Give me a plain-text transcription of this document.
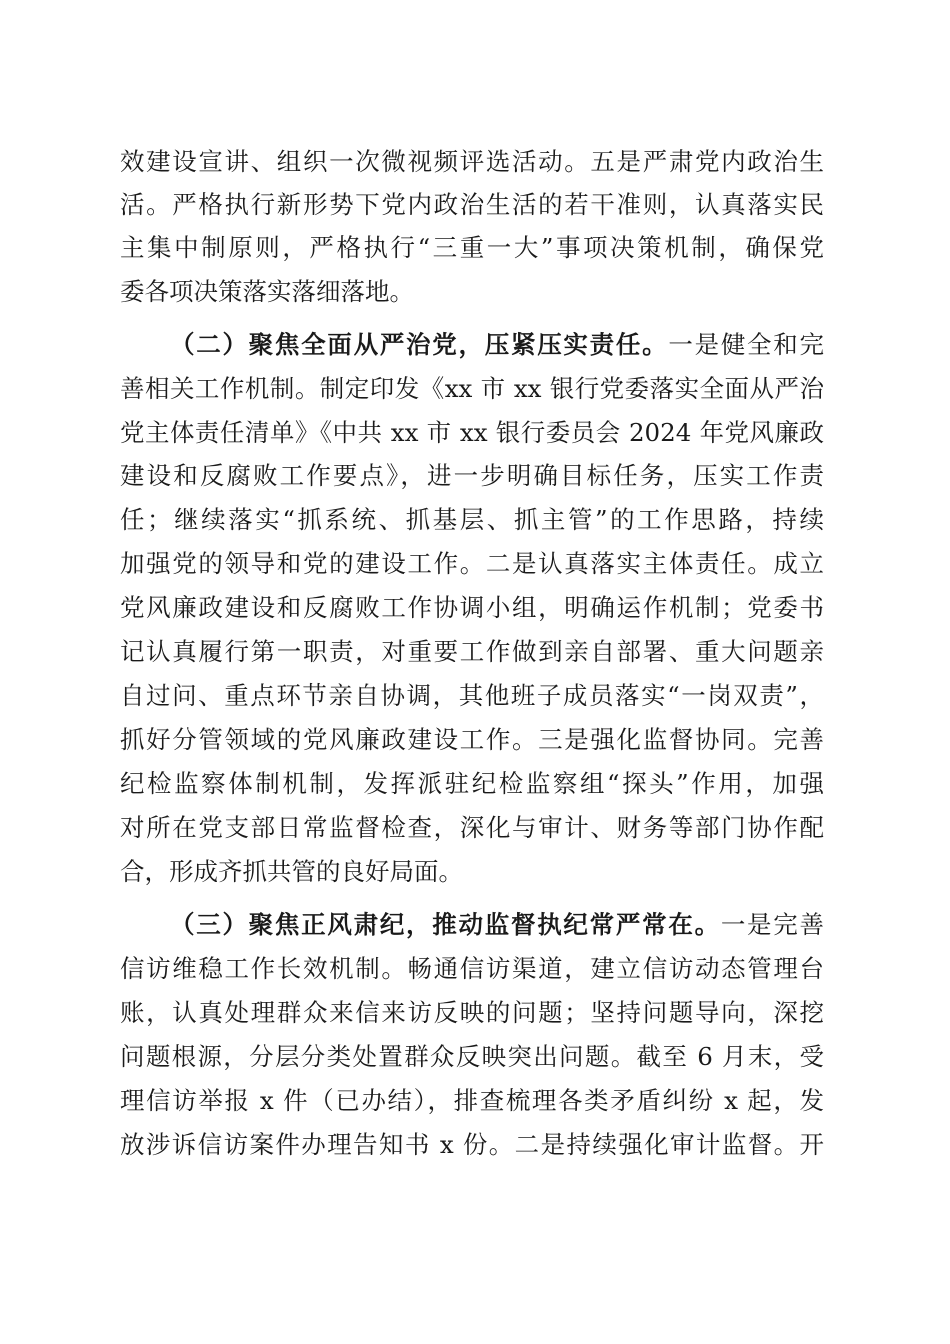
效建设宣讲、组织一次微视频评选活动。五是严肃党内政治生
活。严格执行新形势下党内政治生活的若干准则，认真落实民
主集中制原则，严格执行“三重一大”事项决策机制，确保党
委各项决策落实落细落地。
（二）聚焦全面从严治党，压紧压实责任。一是健全和完
善相关工作机制。制定印发《xx 市 xx 银行党委落实全面从严治
党主体责任清单》《中共 xx 市 xx 银行委员会 2024 年党风廉政
建设和反腐败工作要点》，进一步明确目标任务，压实工作责
任；继续落实“抓系统、抓基层、抓主管”的工作思路，持续
加强党的领导和党的建设工作。二是认真落实主体责任。成立
党风廉政建设和反腐败工作协调小组，明确运作机制；党委书
记认真履行第一职责，对重要工作做到亲自部署、重大问题亲
自过问、重点环节亲自协调，其他班子成员落实“一岗双责”，
抓好分管领域的党风廉政建设工作。三是强化监督协同。完善
纪检监察体制机制，发挥派驻纪检监察组“探头”作用，加强
对所在党支部日常监督检查，深化与审计、财务等部门协作配
合，形成齐抓共管的良好局面。
（三）聚焦正风肃纪，推动监督执纪常严常在。一是完善
信访维稳工作长效机制。畅通信访渠道，建立信访动态管理台
账，认真处理群众来信来访反映的问题；坚持问题导向，深挖
问题根源，分层分类处置群众反映突出问题。截至 6 月末，受
理信访举报 x 件（已办结），排查梳理各类矛盾纠纷 x 起，发
放涉诉信访案件办理告知书 x 份。二是持续强化审计监督。开
